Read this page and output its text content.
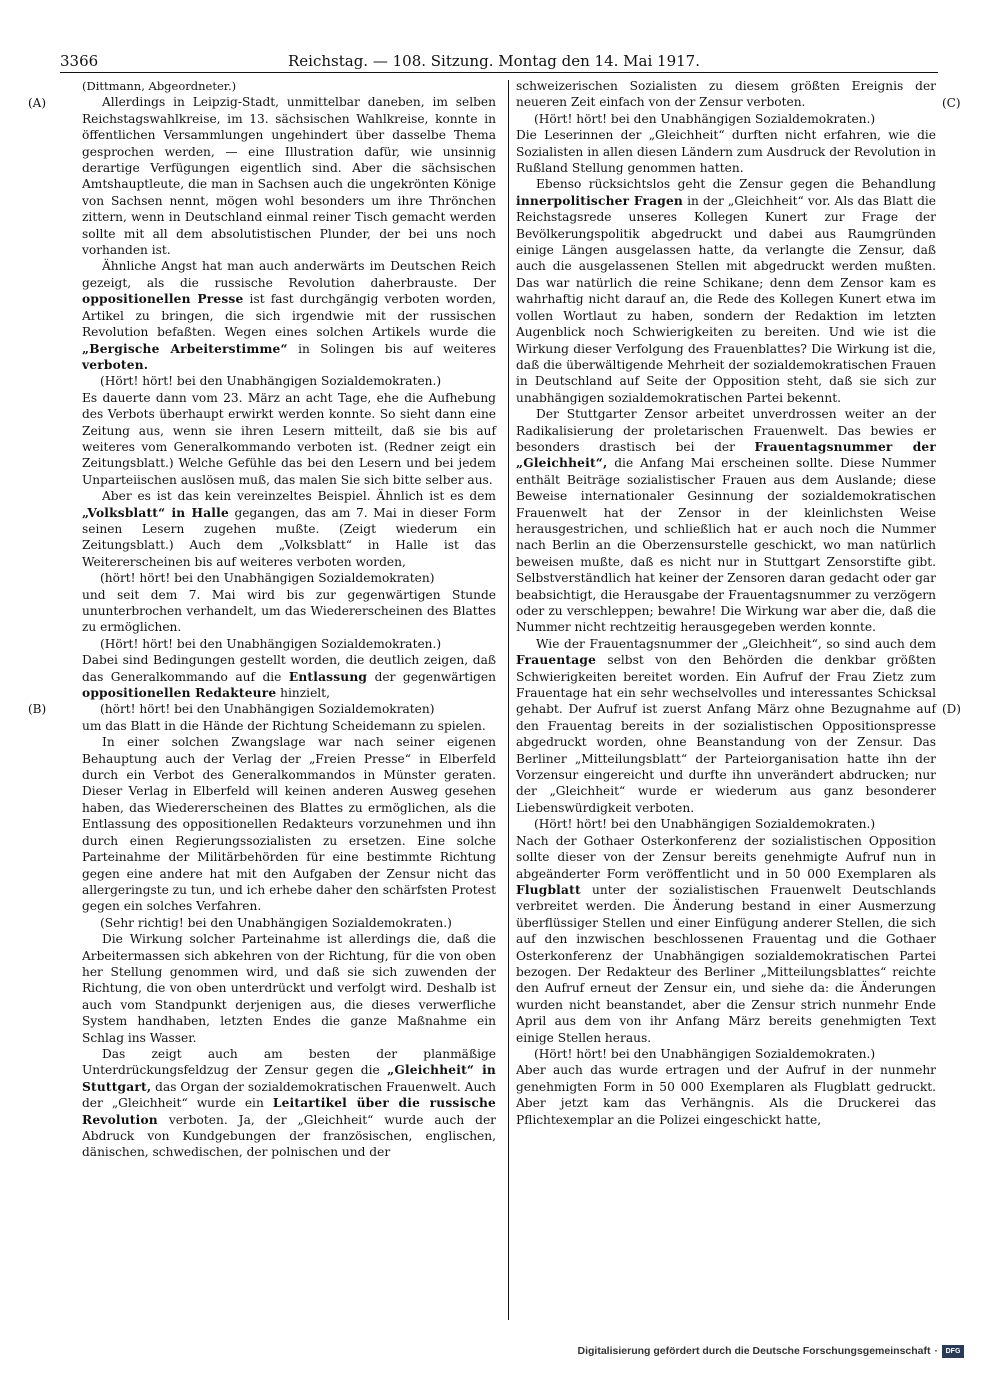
3366	Reichstag. — 108. Sitzung. Montag den 14. Mai 1917.
(A)
(B)
(C)
(D)

(Dittmann, Abgeordneter.)

Allerdings in Leipzig-Stadt, unmittelbar daneben, im selben Reichstagswahlkreise, im 13. sächsischen Wahlkreise, konnte in öffentlichen Versammlungen ungehindert über dasselbe Thema gesprochen werden, — eine Illustration dafür, wie unsinnig derartige Verfügungen eigentlich sind. Aber die sächsischen Amtshauptleute, die man in Sachsen auch die ungekrönten Könige von Sachsen nennt, mögen wohl besonders um ihre Thrönchen zittern, wenn in Deutschland einmal reiner Tisch gemacht werden sollte mit all dem absolutistischen Plunder, der bei uns noch vorhanden ist.

Ähnliche Angst hat man auch anderwärts im Deutschen Reich gezeigt, als die russische Revolution daherbrauste. Der oppositionellen Presse ist fast durchgängig verboten worden, Artikel zu bringen, die sich irgendwie mit der russischen Revolution befaßten. Wegen eines solchen Artikels wurde die „Bergische Arbeiterstimme“ in Solingen bis auf weiteres verboten.

(Hört! hört! bei den Unabhängigen Sozialdemokraten.)

Es dauerte dann vom 23. März an acht Tage, ehe die Aufhebung des Verbots überhaupt erwirkt werden konnte. So sieht dann eine Zeitung aus, wenn sie ihren Lesern mitteilt, daß sie bis auf weiteres vom Generalkommando verboten ist. (Redner zeigt ein Zeitungsblatt.) Welche Gefühle das bei den Lesern und bei jedem Unparteiischen auslösen muß, das malen Sie sich bitte selber aus.

Aber es ist das kein vereinzeltes Beispiel. Ähnlich ist es dem „Volksblatt“ in Halle gegangen, das am 7. Mai in dieser Form seinen Lesern zugehen mußte. (Zeigt wiederum ein Zeitungsblatt.) Auch dem „Volksblatt“ in Halle ist das Weitererscheinen bis auf weiteres verboten worden,

(hört! hört! bei den Unabhängigen Sozialdemokraten)

und seit dem 7. Mai wird bis zur gegenwärtigen Stunde ununterbrochen verhandelt, um das Wiedererscheinen des Blattes zu ermöglichen.

(Hört! hört! bei den Unabhängigen Sozialdemokraten.)

Dabei sind Bedingungen gestellt worden, die deutlich zeigen, daß das Generalkommando auf die Entlassung der gegenwärtigen oppositionellen Redakteure hinzielt,

(hört! hört! bei den Unabhängigen Sozialdemokraten)

um das Blatt in die Hände der Richtung Scheidemann zu spielen.

In einer solchen Zwangslage war nach seiner eigenen Behauptung auch der Verlag der „Freien Presse“ in Elberfeld durch ein Verbot des Generalkommandos in Münster geraten. Dieser Verlag in Elberfeld will keinen anderen Ausweg gesehen haben, das Wiedererscheinen des Blattes zu ermöglichen, als die Entlassung des oppositionellen Redakteurs vorzunehmen und ihn durch einen Regierungssozialisten zu ersetzen. Eine solche Parteinahme der Militärbehörden für eine bestimmte Richtung gegen eine andere hat mit den Aufgaben der Zensur nicht das allergeringste zu tun, und ich erhebe daher den schärfsten Protest gegen ein solches Verfahren.

(Sehr richtig! bei den Unabhängigen Sozialdemokraten.)

Die Wirkung solcher Parteinahme ist allerdings die, daß die Arbeitermassen sich abkehren von der Richtung, für die von oben her Stellung genommen wird, und daß sie sich zuwenden der Richtung, die von oben unterdrückt und verfolgt wird. Deshalb ist auch vom Standpunkt derjenigen aus, die dieses verwerfliche System handhaben, letzten Endes die ganze Maßnahme ein Schlag ins Wasser.

Das zeigt auch am besten der planmäßige Unterdrückungsfeldzug der Zensur gegen die „Gleichheit“ in Stuttgart, das Organ der sozialdemokratischen Frauenwelt. Auch der „Gleichheit“ wurde ein Leitartikel über die russische Revolution verboten. Ja, der „Gleichheit“ wurde auch der Abdruck von Kundgebungen der französischen, englischen, dänischen, schwedischen, der polnischen und der

schweizerischen Sozialisten zu diesem größten Ereignis der neueren Zeit einfach von der Zensur verboten.

(Hört! hört! bei den Unabhängigen Sozialdemokraten.)

Die Leserinnen der „Gleichheit“ durften nicht erfahren, wie die Sozialisten in allen diesen Ländern zum Ausdruck der Revolution in Rußland Stellung genommen hatten.

Ebenso rücksichtslos geht die Zensur gegen die Behandlung innerpolitischer Fragen in der „Gleichheit“ vor. Als das Blatt die Reichstagsrede unseres Kollegen Kunert zur Frage der Bevölkerungspolitik abgedruckt und dabei aus Raumgründen einige Längen ausgelassen hatte, da verlangte die Zensur, daß auch die ausgelassenen Stellen mit abgedruckt werden mußten. Das war natürlich die reine Schikane; denn dem Zensor kam es wahrhaftig nicht darauf an, die Rede des Kollegen Kunert etwa im vollen Wortlaut zu haben, sondern der Redaktion im letzten Augenblick noch Schwierigkeiten zu bereiten. Und wie ist die Wirkung dieser Verfolgung des Frauenblattes? Die Wirkung ist die, daß die überwältigende Mehrheit der sozialdemokratischen Frauen in Deutschland auf Seite der Opposition steht, daß sie sich zur unabhängigen sozialdemokratischen Partei bekennt.

Der Stuttgarter Zensor arbeitet unverdrossen weiter an der Radikalisierung der proletarischen Frauenwelt. Das bewies er besonders drastisch bei der Frauentagsnummer der „Gleichheit“, die Anfang Mai erscheinen sollte. Diese Nummer enthält Beiträge sozialistischer Frauen aus dem Auslande; diese Beweise internationaler Gesinnung der sozialdemokratischen Frauenwelt hat der Zensor in der kleinlichsten Weise herausgestrichen, und schließlich hat er auch noch die Nummer nach Berlin an die Oberzensurstelle geschickt, wo man natürlich beweisen mußte, daß es nicht nur in Stuttgart Zensorstifte gibt. Selbstverständlich hat keiner der Zensoren daran gedacht oder gar beabsichtigt, die Herausgabe der Frauentagsnummer zu verzögern oder zu verschleppen; bewahre! Die Wirkung war aber die, daß die Nummer nicht rechtzeitig herausgegeben werden konnte.

Wie der Frauentagsnummer der „Gleichheit“, so sind auch dem Frauentage selbst von den Behörden die denkbar größten Schwierigkeiten bereitet worden. Ein Aufruf der Frau Zietz zum Frauentage hat ein sehr wechselvolles und interessantes Schicksal gehabt. Der Aufruf ist zuerst Anfang März ohne Bezugnahme auf den Frauentag bereits in der sozialistischen Oppositionspresse abgedruckt worden, ohne Beanstandung von der Zensur. Das Berliner „Mitteilungsblatt“ der Parteiorganisation hatte ihn der Vorzensur eingereicht und durfte ihn unverändert abdrucken; nur der „Gleichheit“ wurde er wiederum aus ganz besonderer Liebenswürdigkeit verboten.

(Hört! hört! bei den Unabhängigen Sozialdemokraten.)

Nach der Gothaer Osterkonferenz der sozialistischen Opposition sollte dieser von der Zensur bereits genehmigte Aufruf nun in abgeänderter Form veröffentlicht und in 50 000 Exemplaren als Flugblatt unter der sozialistischen Frauenwelt Deutschlands verbreitet werden. Die Änderung bestand in einer Ausmerzung überflüssiger Stellen und einer Einfügung anderer Stellen, die sich auf den inzwischen beschlossenen Frauentag und die Gothaer Osterkonferenz der Unabhängigen sozialdemokratischen Partei bezogen. Der Redakteur des Berliner „Mitteilungsblattes“ reichte den Aufruf erneut der Zensur ein, und siehe da: die Änderungen wurden nicht beanstandet, aber die Zensur strich nunmehr Ende April aus dem von ihr Anfang März bereits genehmigten Text einige Stellen heraus.

(Hört! hört! bei den Unabhängigen Sozialdemokraten.)

Aber auch das wurde ertragen und der Aufruf in der nunmehr genehmigten Form in 50 000 Exemplaren als Flugblatt gedruckt. Aber jetzt kam das Verhängnis. Als die Druckerei das Pflichtexemplar an die Polizei eingeschickt hatte,

Digitalisierung gefördert durch die Deutsche Forschungsgemeinschaft ·	DFG
